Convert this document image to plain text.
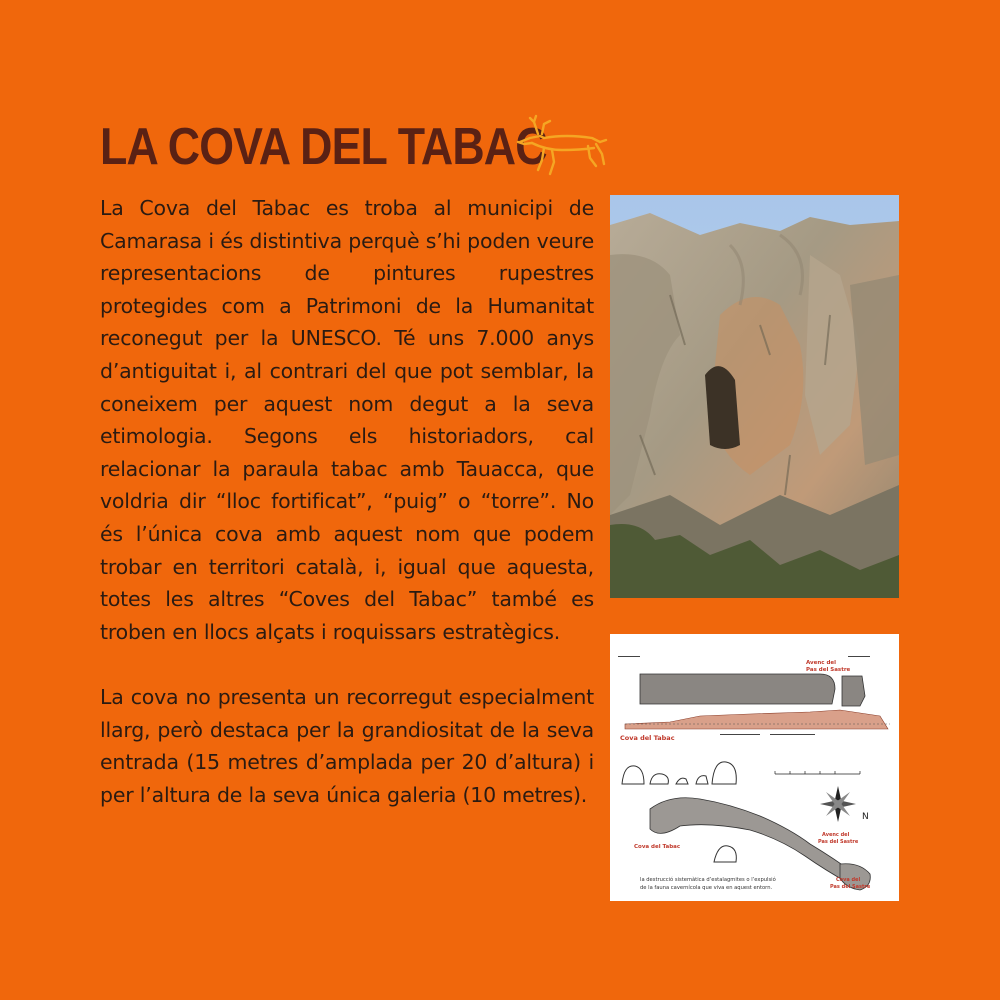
LA COVA DEL TABAC

La Cova del Tabac es troba al municipi de Camarasa i és distintiva perquè s’hi poden veure representacions de pintures rupestres protegides com a Patrimoni de la Humanitat reconegut per la UNESCO. Té uns 7.000 anys d’antiguitat i, al contrari del que pot semblar, la coneixem per aquest nom degut a la seva etimologia. Segons els historiadors, cal relacionar la paraula tabac amb Tauacca, que voldria dir “lloc fortificat”, “puig” o “torre”. No és l’única cova amb aquest nom que podem trobar en territori català, i, igual que aquesta, totes les altres “Coves del Tabac” també es troben en llocs alçats i roquissars estratègics.

La cova no presenta un recorregut especialment llarg, però destaca per la grandiositat de la seva entrada (15 metres d’amplada per 20 d’altura) i per l’altura de la seva única galeria (10 metres).

Cova del Tabac
Avenc del
Pas del Sastre
Cova del Tabac
Avenc del
Pas del Sastre
Cova del
Pas del Sastre
N
la destrucció sistemàtica d’estalagmites o l’expulsió
de la fauna cavernícola que viva en aquest entorn.
